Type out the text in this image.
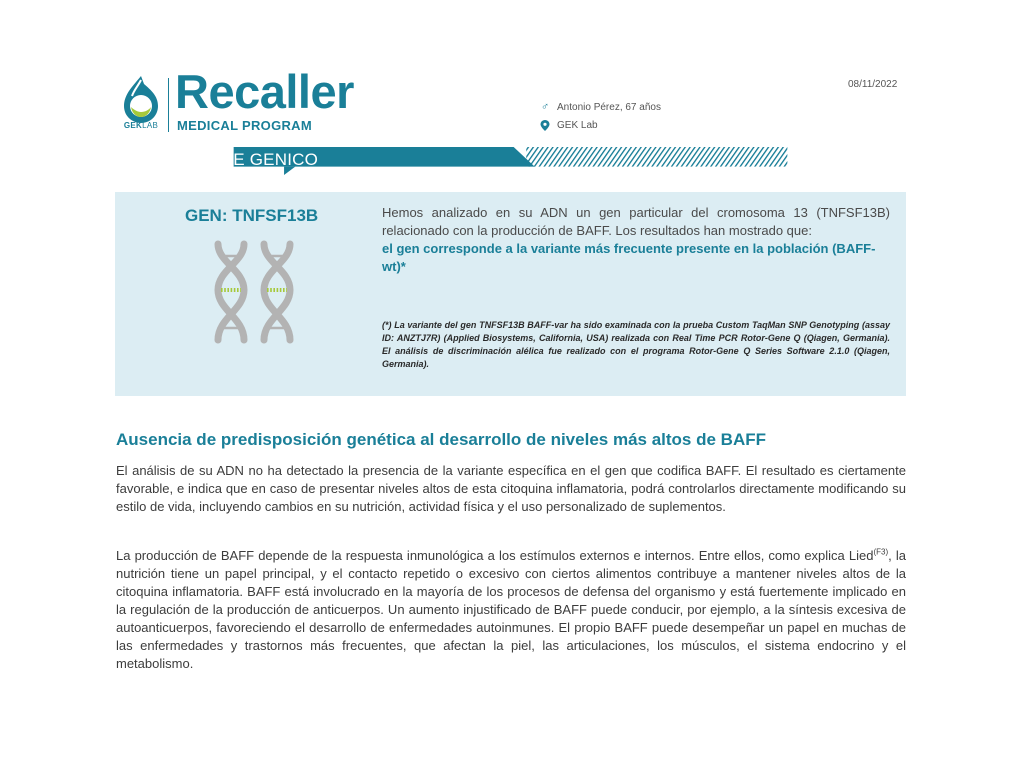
GEKLAB
Recaller
MEDICAL PROGRAM
08/11/2022
♂ Antonio Pérez, 67 años
GEK Lab
COMPONENTE GENICO
GEN: TNFSF13B	Hemos analizado en su ADN un gen particular del cromosoma 13 (TNFSF13B) relacionado con la producción de BAFF. Los resultados han mostrado que:
el gen corresponde a la variante más frecuente presente en la población (BAFF-wt)*
(*) La variante del gen TNFSF13B BAFF-var ha sido examinada con la prueba Custom TaqMan SNP Genotyping (assay ID: ANZTJ7R) (Applied Biosystems, California, USA) realizada con Real Time PCR Rotor-Gene Q (Qiagen, Germania). El análisis de discriminación alélica fue realizado con el programa Rotor-Gene Q Series Software 2.1.0 (Qiagen, Germania).
Ausencia de predisposición genética al desarrollo de niveles más altos de BAFF
El análisis de su ADN no ha detectado la presencia de la variante específica en el gen que codifica BAFF. El resultado es ciertamente favorable, e indica que en caso de presentar niveles altos de esta citoquina inflamatoria, podrá controlarlos directamente modificando su estilo de vida, incluyendo cambios en su nutrición, actividad física y el uso personalizado de suplementos.
La producción de BAFF depende de la respuesta inmunológica a los estímulos externos e internos. Entre ellos, como explica Lied$^{(F3)}$, la nutrición tiene un papel principal, y el contacto repetido o excesivo con ciertos alimentos contribuye a mantener niveles altos de la citoquina inflamatoria. BAFF está involucrado en la mayoría de los procesos de defensa del organismo y está fuertemente implicado en la regulación de la producción de anticuerpos. Un aumento injustificado de BAFF puede conducir, por ejemplo, a la síntesis excesiva de autoanticuerpos, favoreciendo el desarrollo de enfermedades autoinmunes. El propio BAFF puede desempeñar un papel en muchas de las enfermedades y trastornos más frecuentes, que afectan la piel, las articulaciones, los músculos, el sistema endocrino y el metabolismo.
